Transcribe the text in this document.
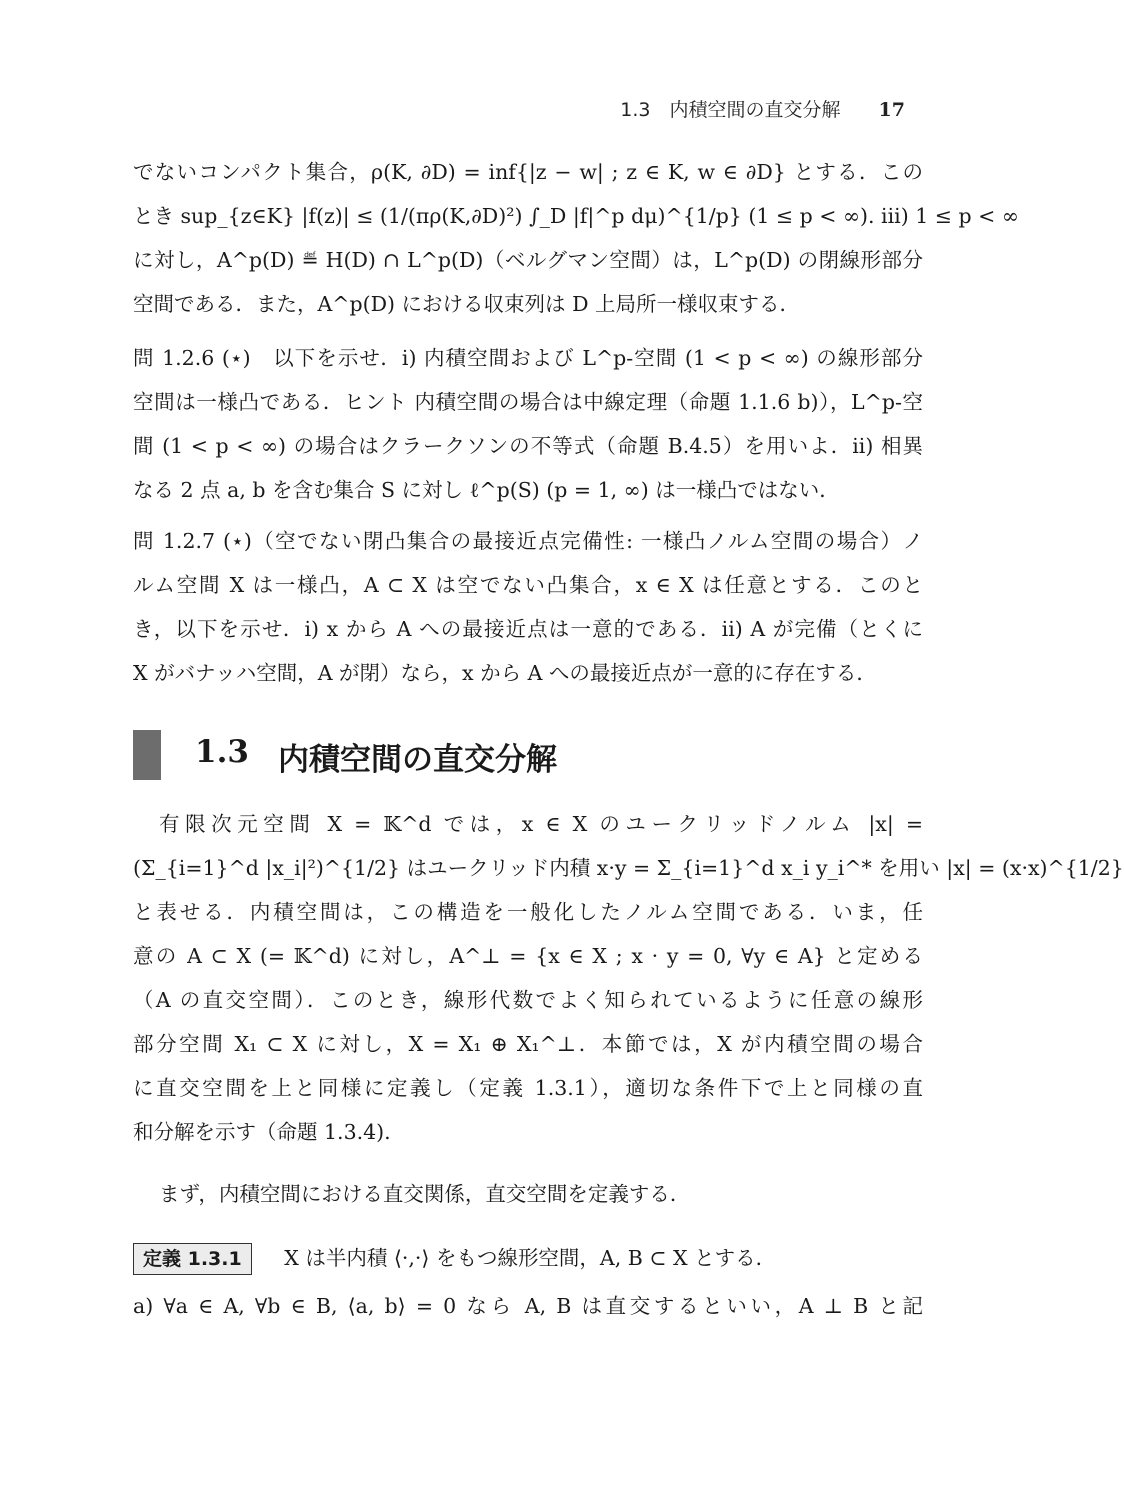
1.3　内積空間の直交分解 17
でないコンパクト集合，ρ(K, ∂D) = inf{|z − w| ; z ∈ K, w ∈ ∂D} とする．この
とき sup_{z∈K} |f(z)| ≤ (1/(πρ(K,∂D)²) ∫_D |f|^p dμ)^{1/p} (1 ≤ p < ∞). iii) 1 ≤ p < ∞
に対し，A^p(D) ≝ H(D) ∩ L^p(D)（ベルグマン空間）は，L^p(D) の閉線形部分
空間である．また，A^p(D) における収束列は D 上局所一様収束する．
問 1.2.6 (⋆)　以下を示せ．i) 内積空間および L^p-空間 (1 < p < ∞) の線形部分
空間は一様凸である．ヒント 内積空間の場合は中線定理（命題 1.1.6 b)），L^p-空
間 (1 < p < ∞) の場合はクラークソンの不等式（命題 B.4.5）を用いよ．ii) 相異
なる 2 点 a, b を含む集合 S に対し ℓ^p(S) (p = 1, ∞) は一様凸ではない．
問 1.2.7 (⋆)（空でない閉凸集合の最接近点完備性: 一様凸ノルム空間の場合）ノ
ルム空間 X は一様凸，A ⊂ X は空でない凸集合，x ∈ X は任意とする．このと
き，以下を示せ．i) x から A への最接近点は一意的である．ii) A が完備（とくに
X がバナッハ空間，A が閉）なら，x から A への最接近点が一意的に存在する．
1.3 内積空間の直交分解
有限次元空間 X = 𝕂^d では，x ∈ X のユークリッドノルム |x| =
(Σ_{i=1}^d |x_i|²)^{1/2} はユークリッド内積 x·y = Σ_{i=1}^d x_i y_i^* を用い |x| = (x·x)^{1/2}
と表せる．内積空間は，この構造を一般化したノルム空間である．いま，任
意の A ⊂ X (= 𝕂^d) に対し，A^⊥ = {x ∈ X ; x · y = 0, ∀y ∈ A} と定める
（A の直交空間）．このとき，線形代数でよく知られているように任意の線形
部分空間 X₁ ⊂ X に対し，X = X₁ ⊕ X₁^⊥．本節では，X が内積空間の場合
に直交空間を上と同様に定義し（定義 1.3.1），適切な条件下で上と同様の直
和分解を示す（命題 1.3.4).
まず，内積空間における直交関係，直交空間を定義する．
定義 1.3.1 X は半内積 ⟨·,·⟩ をもつ線形空間，A, B ⊂ X とする．
a) ∀a ∈ A, ∀b ∈ B, ⟨a, b⟩ = 0 なら A, B は直交するといい，A ⊥ B と記
